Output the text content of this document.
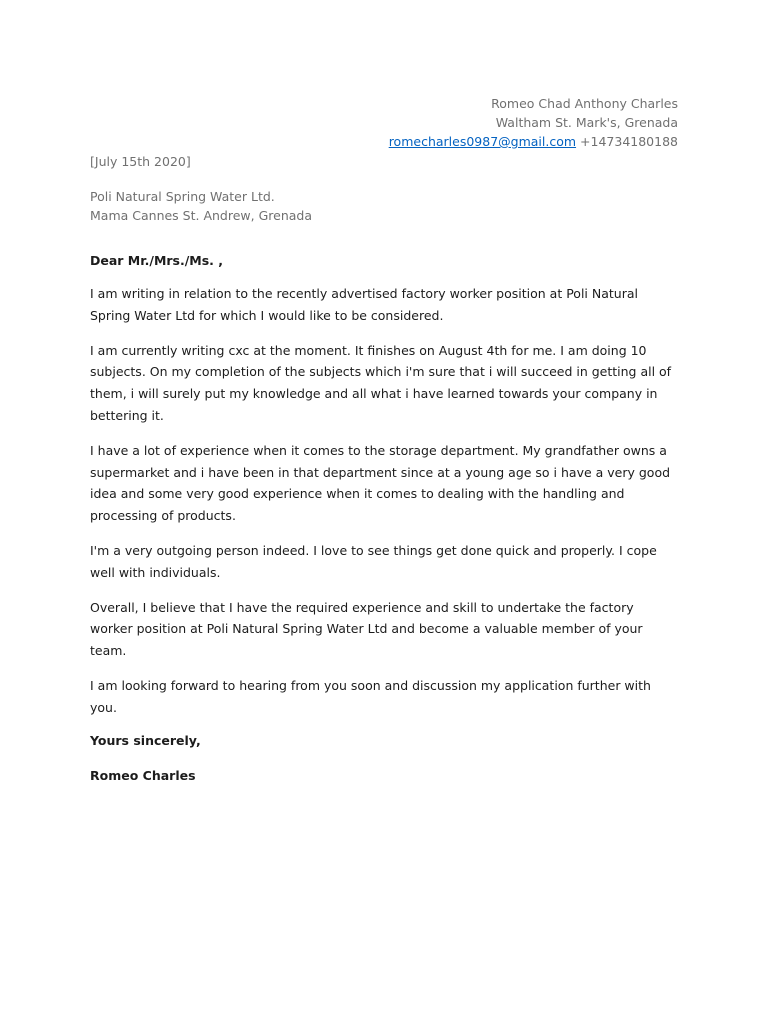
Romeo Chad Anthony Charles
Waltham St. Mark's, Grenada
romecharles0987@gmail.com +14734180188
[July 15th 2020]
Poli Natural Spring Water Ltd.
Mama Cannes St. Andrew, Grenada
Dear Mr./Mrs./Ms. ,

I am writing in relation to the recently advertised factory worker position at Poli Natural Spring Water Ltd for which I would like to be considered.

I am currently writing cxc at the moment. It finishes on August 4th for me. I am doing 10 subjects. On my completion of the subjects which i'm sure that i will succeed in getting all of them, i will surely put my knowledge and all what i have learned towards your company in bettering it.

I have a lot of experience when it comes to the storage department. My grandfather owns a supermarket and i have been in that department since at a young age so i have a very good idea and some very good experience when it comes to dealing with the handling and processing of products.

I'm a very outgoing person indeed. I love to see things get done quick and properly. I cope well with individuals.

Overall, I believe that I have the required experience and skill to undertake the factory worker position at Poli Natural Spring Water Ltd and become a valuable member of your team.

I am looking forward to hearing from you soon and discussion my application further with you.

Yours sincerely,
Romeo Charles
